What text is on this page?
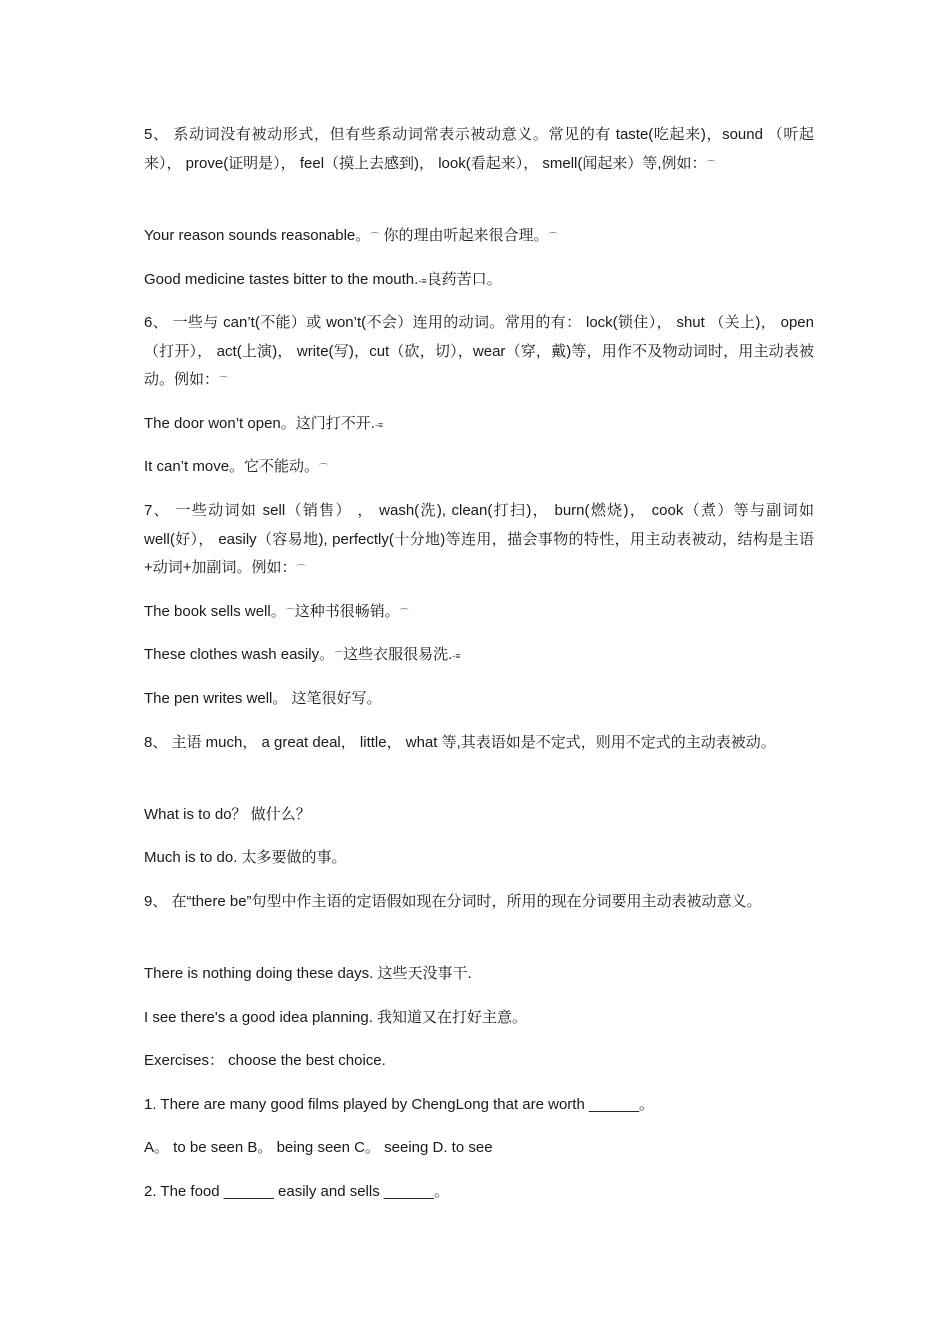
5、 系动词没有被动形式，但有些系动词常表示被动意义。常见的有 taste(吃起来)，sound （听起来）， prove(证明是）， feel（摸上去感到)， look(看起来）， smell(闻起来）等,例如：⌒

Your reason sounds reasonable。⌒ 你的理由听起来很合理。⌒

Good medicine tastes bitter to the mouth.-≡良药苦口。

6、 一些与 can’t(不能）或 won’t(不会）连用的动词。常用的有： lock(锁住）， shut （关上)， open（打开）， act(上演)， write(写)，cut（砍，切），wear（穿，戴)等，用作不及物动词时，用主动表被动。例如：⌒

The door won’t open。这门打不开.-≡

It can’t move。它不能动。⌒

7、 一些动词如 sell（销售） ， wash(洗), clean(打扫)， burn(燃烧)， cook（煮）等与副词如 well(好）， easily（容易地), perfectly(十分地)等连用，描会事物的特性，用主动表被动，结构是主语+动词+加副词。例如：⌒

The book sells well。⌒这种书很畅销。⌒

These clothes wash easily。⌒这些衣服很易洗.-≡

The pen writes well。 这笔很好写。

8、 主语 much， a great deal， little， what 等,其表语如是不定式，则用不定式的主动表被动。

What is to do？ 做什么？

Much is to do. 太多要做的事。

9、 在“there be”句型中作主语的定语假如现在分词时，所用的现在分词要用主动表被动意义。

There is nothing doing these days. 这些天没事干.

I see there's a good idea planning. 我知道又在打好主意。

Exercises： choose the best choice.

1. There are many good films played by ChengLong that are worth ______。

A。 to be seen B。 being seen C。 seeing D. to see

2. The food ______ easily and sells ______。
